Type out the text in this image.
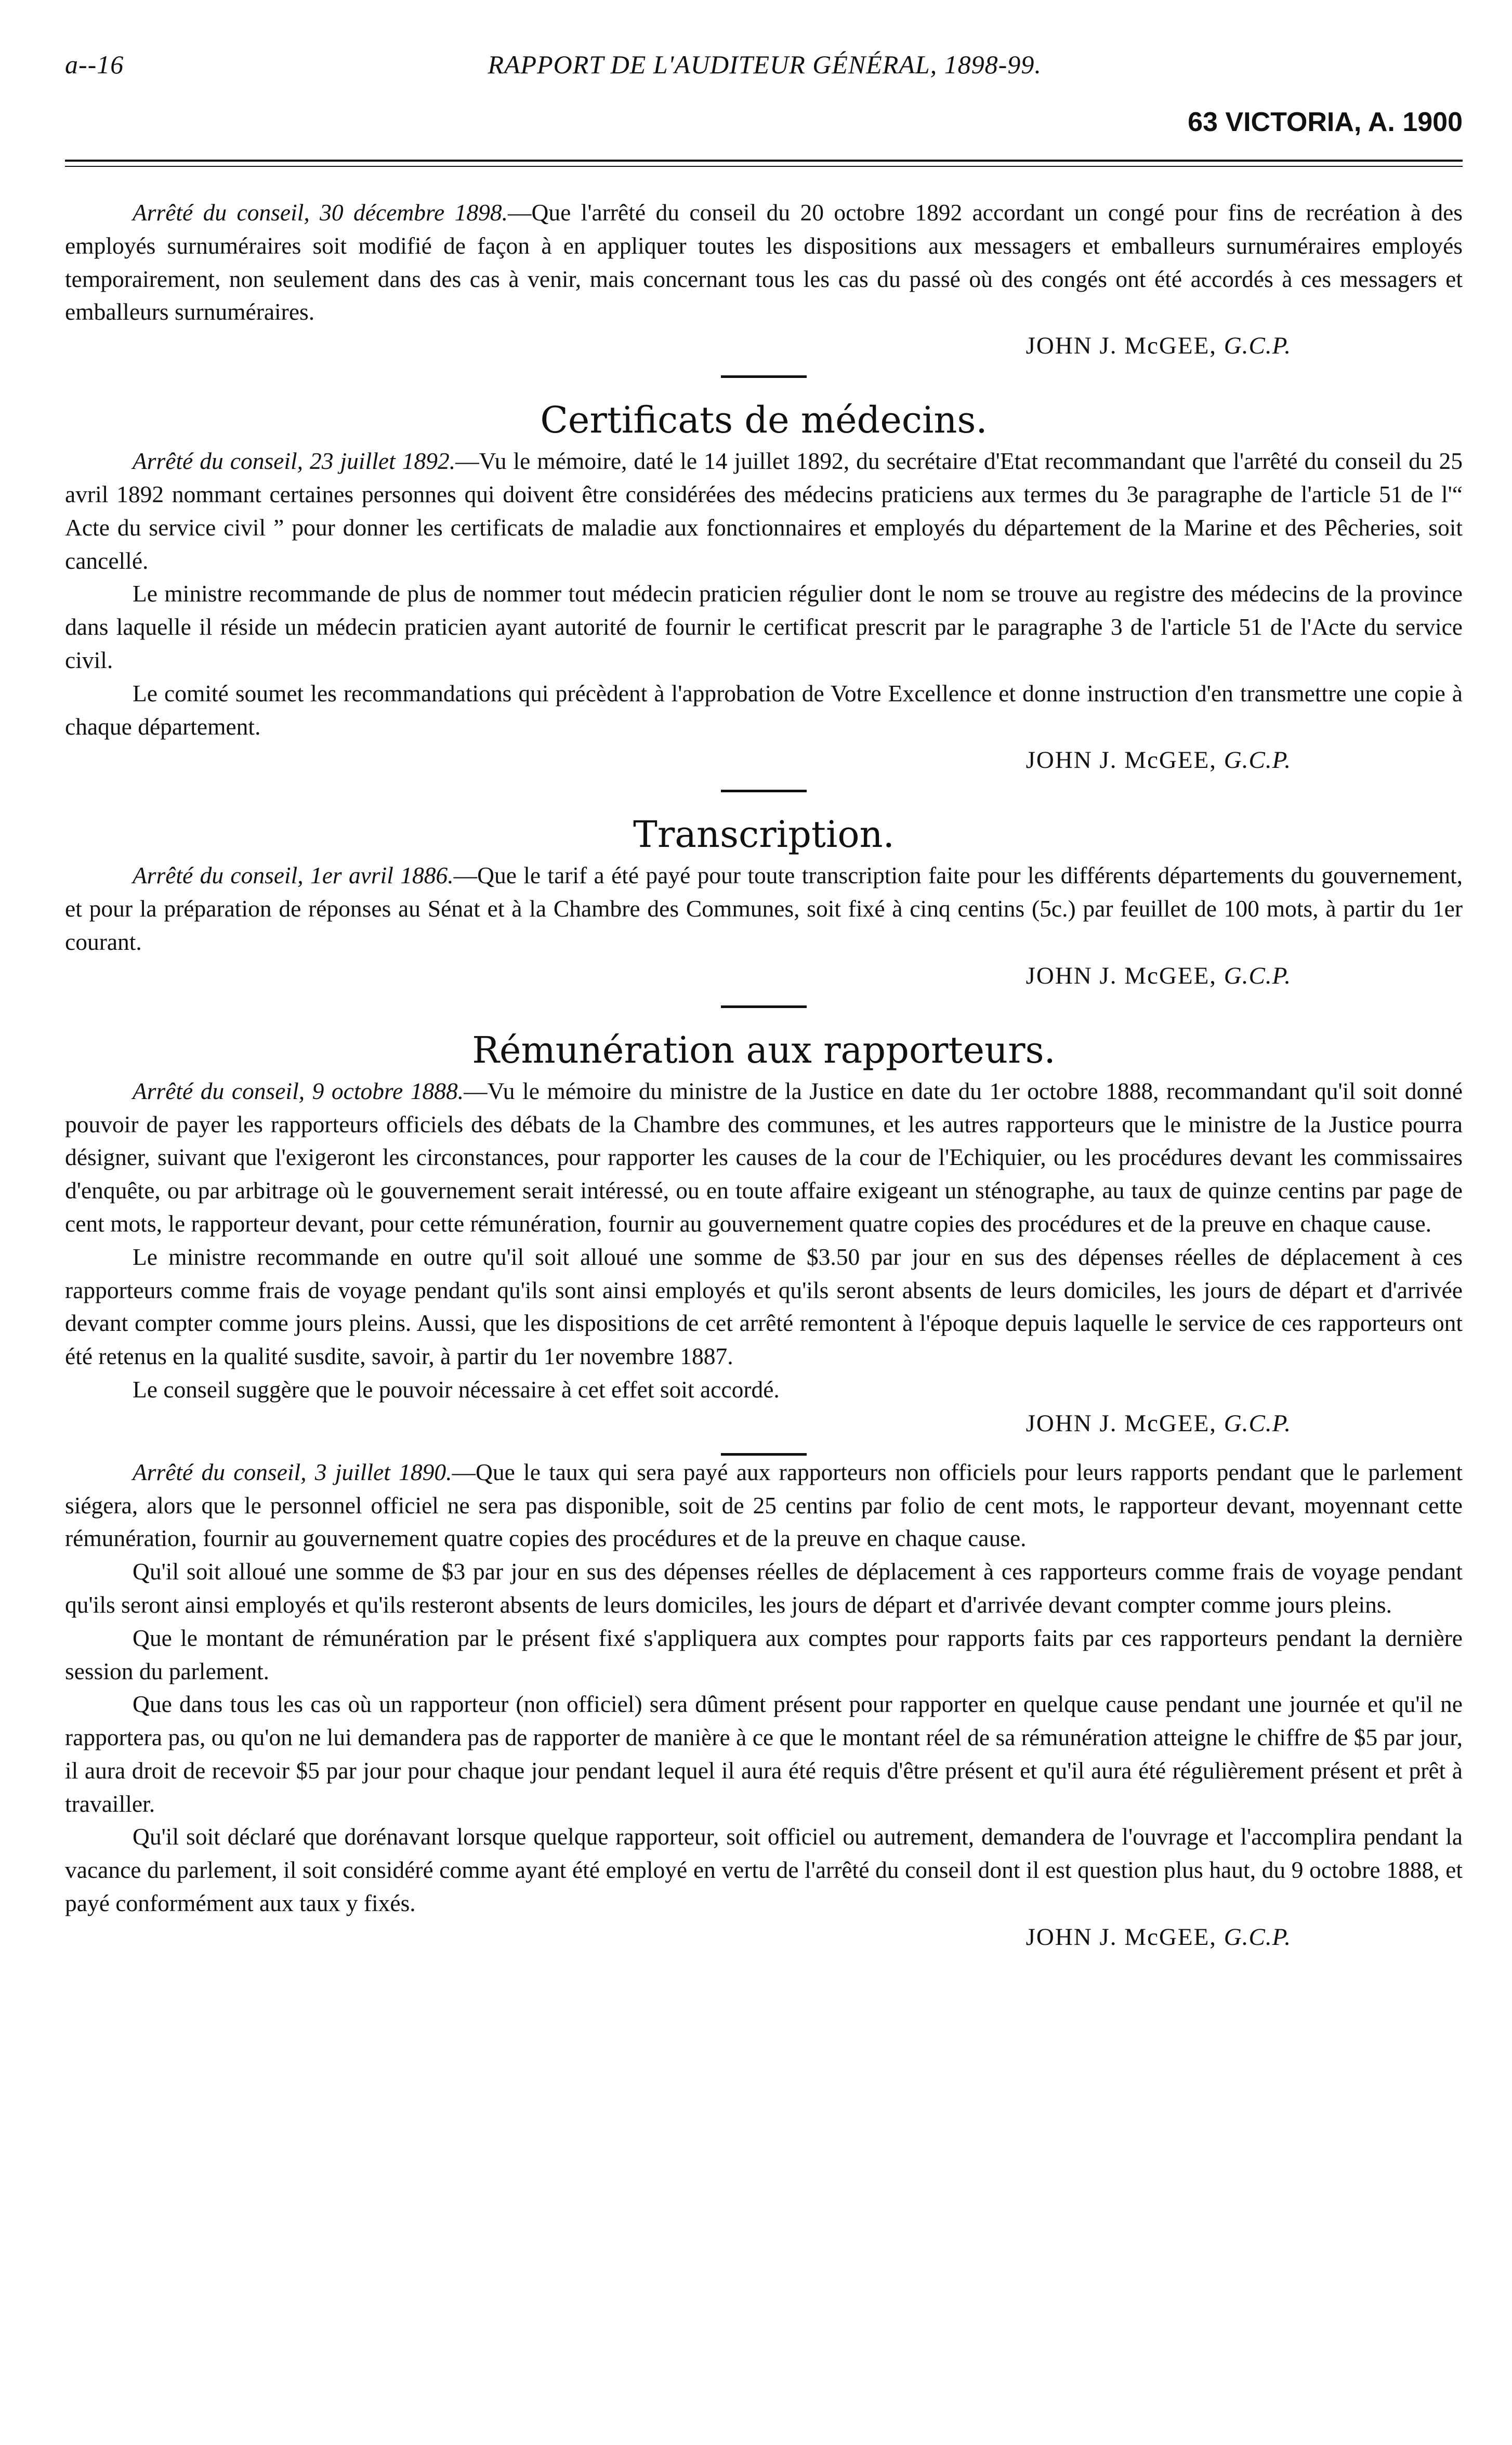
a--16	RAPPORT DE L'AUDITEUR GÉNÉRAL, 1898-99.
63 VICTORIA, A. 1900

Arrêté du conseil, 30 décembre 1898.—Que l'arrêté du conseil du 20 octobre 1892 accordant un congé pour fins de recréation à des employés surnuméraires soit modifié de façon à en appliquer toutes les dispositions aux messagers et emballeurs surnuméraires employés temporairement, non seulement dans des cas à venir, mais concernant tous les cas du passé où des congés ont été accordés à ces messagers et emballeurs surnuméraires.

JOHN J. McGEE, G.C.P.
Certificats de médecins.

Arrêté du conseil, 23 juillet 1892.—Vu le mémoire, daté le 14 juillet 1892, du secrétaire d'Etat recommandant que l'arrêté du conseil du 25 avril 1892 nommant certaines personnes qui doivent être considérées des médecins praticiens aux termes du 3e paragraphe de l'article 51 de l'“ Acte du service civil ” pour donner les certificats de maladie aux fonctionnaires et employés du département de la Marine et des Pêcheries, soit cancellé.

Le ministre recommande de plus de nommer tout médecin praticien régulier dont le nom se trouve au registre des médecins de la province dans laquelle il réside un médecin praticien ayant autorité de fournir le certificat prescrit par le paragraphe 3 de l'article 51 de l'Acte du service civil.

Le comité soumet les recommandations qui précèdent à l'approbation de Votre Excellence et donne instruction d'en transmettre une copie à chaque département.

JOHN J. McGEE, G.C.P.
Transcription.

Arrêté du conseil, 1er avril 1886.—Que le tarif a été payé pour toute transcription faite pour les différents départements du gouvernement, et pour la préparation de réponses au Sénat et à la Chambre des Communes, soit fixé à cinq centins (5c.) par feuillet de 100 mots, à partir du 1er courant.

JOHN J. McGEE, G.C.P.
Rémunération aux rapporteurs.

Arrêté du conseil, 9 octobre 1888.—Vu le mémoire du ministre de la Justice en date du 1er octobre 1888, recommandant qu'il soit donné pouvoir de payer les rapporteurs officiels des débats de la Chambre des communes, et les autres rapporteurs que le ministre de la Justice pourra désigner, suivant que l'exigeront les circonstances, pour rapporter les causes de la cour de l'Echiquier, ou les procédures devant les commissaires d'enquête, ou par arbitrage où le gouvernement serait intéressé, ou en toute affaire exigeant un sténographe, au taux de quinze centins par page de cent mots, le rapporteur devant, pour cette rémunération, fournir au gouvernement quatre copies des procédures et de la preuve en chaque cause.

Le ministre recommande en outre qu'il soit alloué une somme de $3.50 par jour en sus des dépenses réelles de déplacement à ces rapporteurs comme frais de voyage pendant qu'ils sont ainsi employés et qu'ils seront absents de leurs domiciles, les jours de départ et d'arrivée devant compter comme jours pleins. Aussi, que les dispositions de cet arrêté remontent à l'époque depuis laquelle le service de ces rapporteurs ont été retenus en la qualité susdite, savoir, à partir du 1er novembre 1887.

Le conseil suggère que le pouvoir nécessaire à cet effet soit accordé.

JOHN J. McGEE, G.C.P.

Arrêté du conseil, 3 juillet 1890.—Que le taux qui sera payé aux rapporteurs non officiels pour leurs rapports pendant que le parlement siégera, alors que le personnel officiel ne sera pas disponible, soit de 25 centins par folio de cent mots, le rapporteur devant, moyennant cette rémunération, fournir au gouvernement quatre copies des procédures et de la preuve en chaque cause.

Qu'il soit alloué une somme de $3 par jour en sus des dépenses réelles de déplacement à ces rapporteurs comme frais de voyage pendant qu'ils seront ainsi employés et qu'ils resteront absents de leurs domiciles, les jours de départ et d'arrivée devant compter comme jours pleins.

Que le montant de rémunération par le présent fixé s'appliquera aux comptes pour rapports faits par ces rapporteurs pendant la dernière session du parlement.

Que dans tous les cas où un rapporteur (non officiel) sera dûment présent pour rapporter en quelque cause pendant une journée et qu'il ne rapportera pas, ou qu'on ne lui demandera pas de rapporter de manière à ce que le montant réel de sa rémunération atteigne le chiffre de $5 par jour, il aura droit de recevoir $5 par jour pour chaque jour pendant lequel il aura été requis d'être présent et qu'il aura été régulièrement présent et prêt à travailler.

Qu'il soit déclaré que dorénavant lorsque quelque rapporteur, soit officiel ou autrement, demandera de l'ouvrage et l'accomplira pendant la vacance du parlement, il soit considéré comme ayant été employé en vertu de l'arrêté du conseil dont il est question plus haut, du 9 octobre 1888, et payé conformément aux taux y fixés.

JOHN J. McGEE, G.C.P.
